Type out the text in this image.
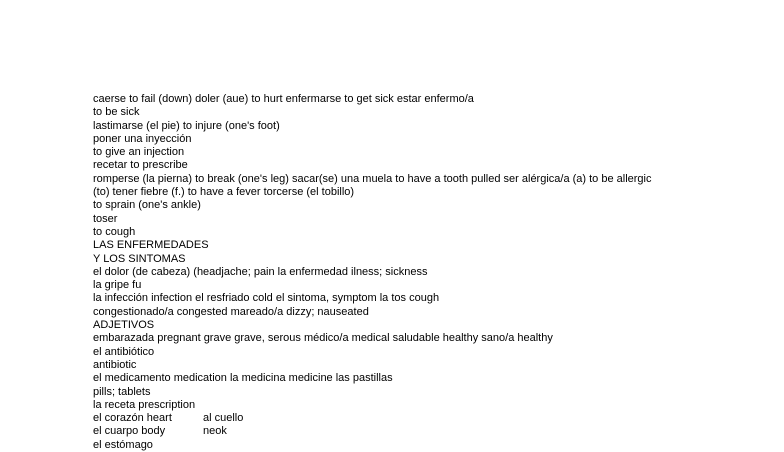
caerse to fail (down) doler (aue) to hurt enfermarse to get sick estar enfermo/a
to be sick
lastimarse (el pie) to injure (one's foot)
poner una inyección
to give an injection
recetar to prescribe
romperse (la pierna) to break (one's leg) sacar(se) una muela to have a tooth pulled ser alérgica/a (a) to be allergic
(to) tener fiebre (f.) to have a fever torcerse (el tobillo)
to sprain (one's ankle)
toser
to cough
LAS ENFERMEDADES
Y LOS SINTOMAS
el dolor (de cabeza) (headjache; pain la enfermedad ilness; sickness
la gripe fu
la infección infection el resfriado cold el sintoma, symptom la tos cough
congestionado/a congested mareado/a dizzy; nauseated
ADJETIVOS
embarazada pregnant grave grave, serous médico/a medical saludable healthy sano/a healthy
el antibiótico
antibiotic
el medicamento medication la medicina medicine las pastillas
pills; tablets
la receta prescription
el corazón heart	al cuello
el cuarpo body	neok
el estómago
